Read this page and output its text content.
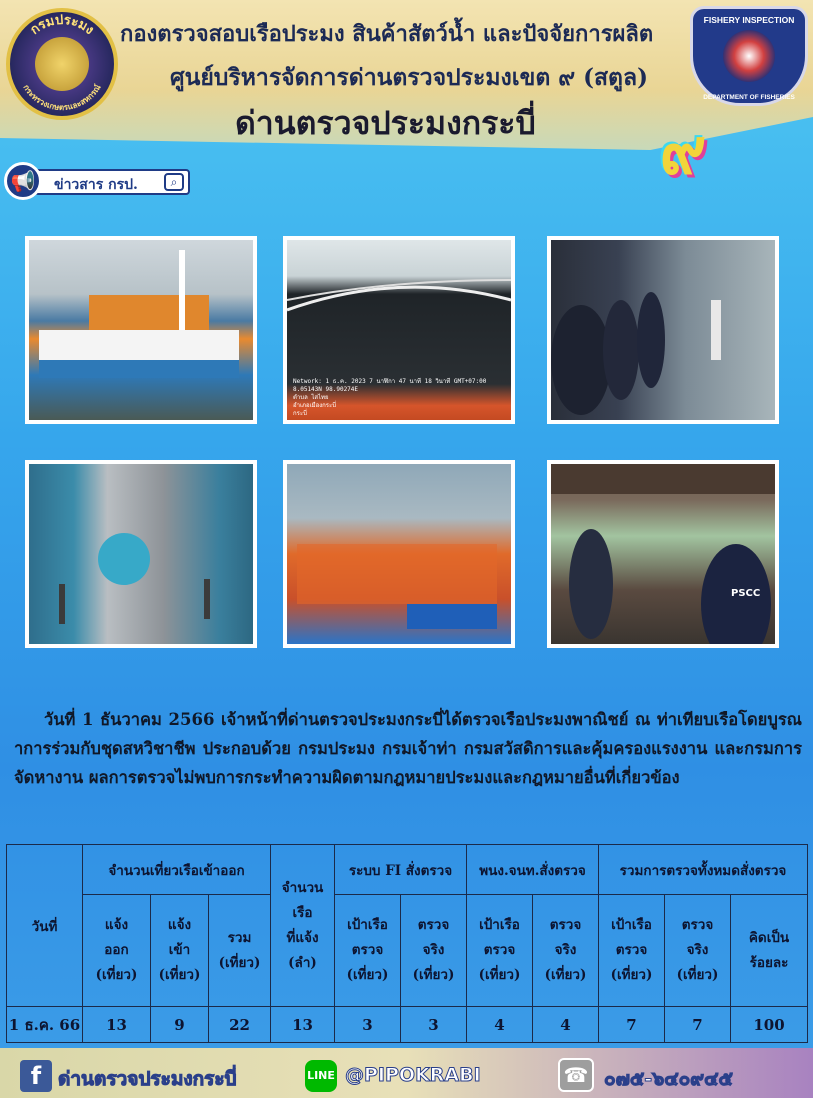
กรมประมง
กระทรวงเกษตรและสหกรณ์
กองตรวจสอบเรือประมง สินค้าสัตว์น้ำ และปัจจัยการผลิต
ศูนย์บริหารจัดการด่านตรวจประมงเขต ๙ (สตูล)
ด่านตรวจประมงกระบี่
FISHERY INSPECTION
DEPARTMENT OF FISHERIES
๙
ข่าวสาร กรป.	⌕
📢
Network: 1 ธ.ค. 2023 7 นาฬิกา 47 นาที 18 วินาที GMT+07:00
8.05143N 98.90274E
ตำบล ไสไทย
อำเภอเมืองกระบี่
กระบี่
PSCC
วันที่ 1 ธันวาคม 2566 เจ้าหน้าที่ด่านตรวจประมงกระบี่ได้ตรวจเรือประมงพาณิชย์ ณ ท่าเทียบเรือโดยบูรณาการร่วมกับชุดสหวิชาชีพ ประกอบด้วย กรมประมง กรมเจ้าท่า กรมสวัสดิการและคุ้มครองแรงงาน และกรมการจัดหางาน ผลการตรวจไม่พบการกระทำความผิดตามกฎหมายประมงและกฎหมายอื่นที่เกี่ยวข้อง
วันที่	จำนวนเที่ยวเรือเข้าออก			จำนวน
เรือ
ที่แจ้ง
(ลำ)	ระบบ FI สั่งตรวจ		พนง.จนท.สั่งตรวจ		รวมการตรวจทั้งหมดสั่งตรวจ		
	แจ้ง
ออก
(เที่ยว)	แจ้ง
เข้า
(เที่ยว)	รวม
(เที่ยว)		เป้าเรือ
ตรวจ
(เที่ยว)	ตรวจ
จริง
(เที่ยว)	เป้าเรือ
ตรวจ
(เที่ยว)	ตรวจ
จริง
(เที่ยว)	เป้าเรือ
ตรวจ
(เที่ยว)	ตรวจ
จริง
(เที่ยว)	คิดเป็น
ร้อยละ
1 ธ.ค. 66	13	9	22	13	3	3	4	4	7	7	100
f ด่านตรวจประมงกระบี่	LINE @PIPOKRABI	☎ ๐๗๕-๖๔๐๙๔๕
